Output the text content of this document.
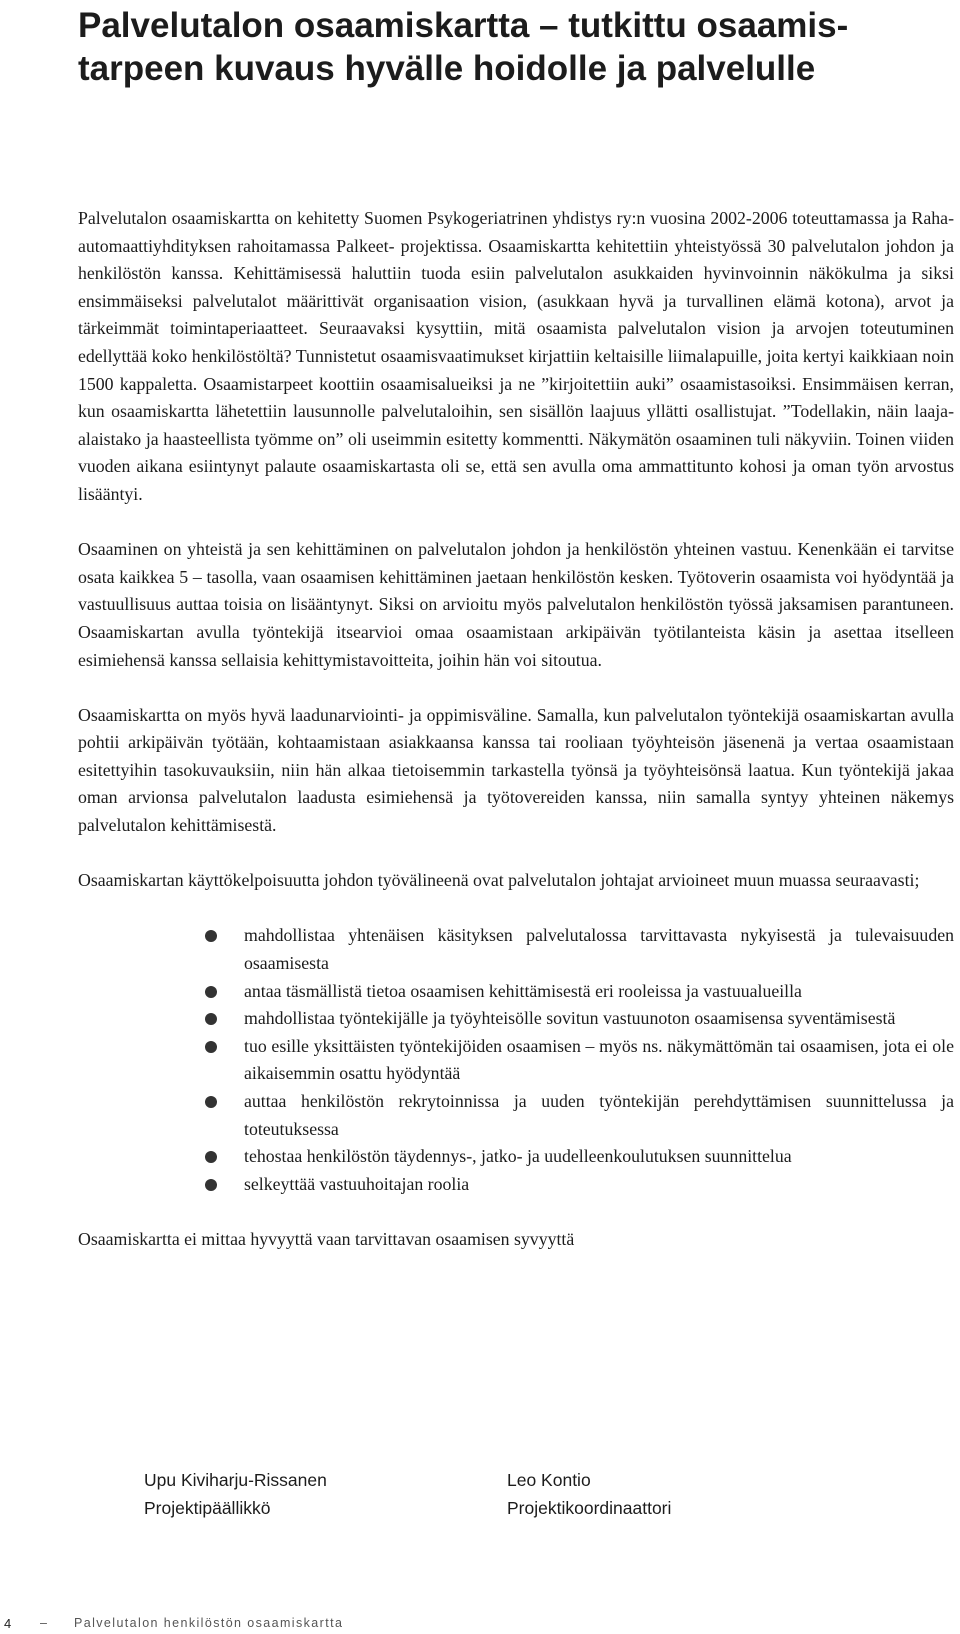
Palvelutalon osaamiskartta – tutkittu osaamis-tarpeen kuvaus hyvälle hoidolle ja palvelulle

Palvelutalon osaamiskartta on kehitetty Suomen Psykogeriatrinen yhdistys ry:n vuosina 2002-2006 toteuttamassa ja Raha-automaattiyhdityksen rahoitamassa Palkeet- projektissa. Osaamiskartta kehitettiin yhteistyössä 30 palvelutalon johdon ja henkilöstön kanssa. Kehittämisessä haluttiin tuoda esiin palvelutalon asukkaiden hyvinvoinnin näkökulma ja siksi ensimmäiseksi palvelutalot määrittivät organisaation vision, (asukkaan hyvä ja turvallinen elämä kotona), arvot ja tärkeimmät toimintaperiaatteet. Seuraavaksi kysyttiin, mitä osaamista palvelutalon vision ja arvojen toteutuminen edellyttää koko henkilöstöltä? Tunnistetut osaamisvaatimukset kirjattiin keltaisille liimalapuille, joita kertyi kaikkiaan noin 1500 kappaletta. Osaamistarpeet koottiin osaamisalueiksi ja ne ”kirjoitettiin auki” osaamistasoiksi. Ensimmäisen kerran, kun osaamiskartta lähetettiin lausunnolle palvelutaloihin, sen sisällön laajuus yllätti osallistujat. ”Todellakin, näin laaja-alaistako ja haasteellista työmme on” oli useimmin esitetty kommentti. Näkymätön osaaminen tuli näkyviin. Toinen viiden vuoden aikana esiintynyt palaute osaamiskartasta oli se, että sen avulla oma ammattitunto kohosi ja oman työn arvostus lisääntyi.

Osaaminen on yhteistä ja sen kehittäminen on palvelutalon johdon ja henkilöstön yhteinen vastuu. Kenenkään ei tarvitse osata kaikkea 5 – tasolla, vaan osaamisen kehittäminen jaetaan henkilöstön kesken. Työtoverin osaamista voi hyödyntää ja vastuullisuus auttaa toisia on lisääntynyt. Siksi on arvioitu myös palvelutalon henkilöstön työssä jaksamisen parantuneen. Osaamiskartan avulla työntekijä itsearvioi omaa osaamistaan arkipäivän työtilanteista käsin ja asettaa itselleen esimiehensä kanssa sellaisia kehittymistavoitteita, joihin hän voi sitoutua.

Osaamiskartta on myös hyvä laadunarviointi- ja oppimisväline. Samalla, kun palvelutalon työntekijä osaamiskartan avulla pohtii arkipäivän työtään, kohtaamistaan asiakkaansa kanssa tai rooliaan työyhteisön jäsenenä ja vertaa osaamistaan esitettyihin tasokuvauksiin, niin hän alkaa tietoisemmin tarkastella työnsä ja työyhteisönsä laatua. Kun työntekijä jakaa oman arvionsa palvelutalon laadusta esimiehensä ja työtovereiden kanssa, niin samalla syntyy yhteinen näkemys palvelutalon kehittämisestä.

Osaamiskartan käyttökelpoisuutta johdon työvälineenä ovat palvelutalon johtajat arvioineet muun muassa seuraavasti;

mahdollistaa yhtenäisen käsityksen palvelutalossa tarvittavasta nykyisestä ja tulevaisuuden osaamisesta
antaa täsmällistä tietoa osaamisen kehittämisestä eri rooleissa ja vastuualueilla
mahdollistaa työntekijälle ja työyhteisölle sovitun vastuunoton osaamisensa syventämisestä
tuo esille yksittäisten työntekijöiden osaamisen – myös ns. näkymättömän tai osaamisen, jota ei ole aikaisemmin osattu hyödyntää
auttaa henkilöstön rekrytoinnissa ja uuden työntekijän perehdyttämisen suunnittelussa ja toteutuksessa
tehostaa henkilöstön täydennys-, jatko- ja uudelleenkoulutuksen suunnittelua
selkeyttää vastuuhoitajan roolia

Osaamiskartta ei mittaa hyvyyttä vaan tarvittavan osaamisen syvyyttä

Upu Kiviharju-Rissanen
Projektipäällikkö
Leo Kontio
Projektikoordinaattori
4 – Palvelutalon henkilöstön osaamiskartta
